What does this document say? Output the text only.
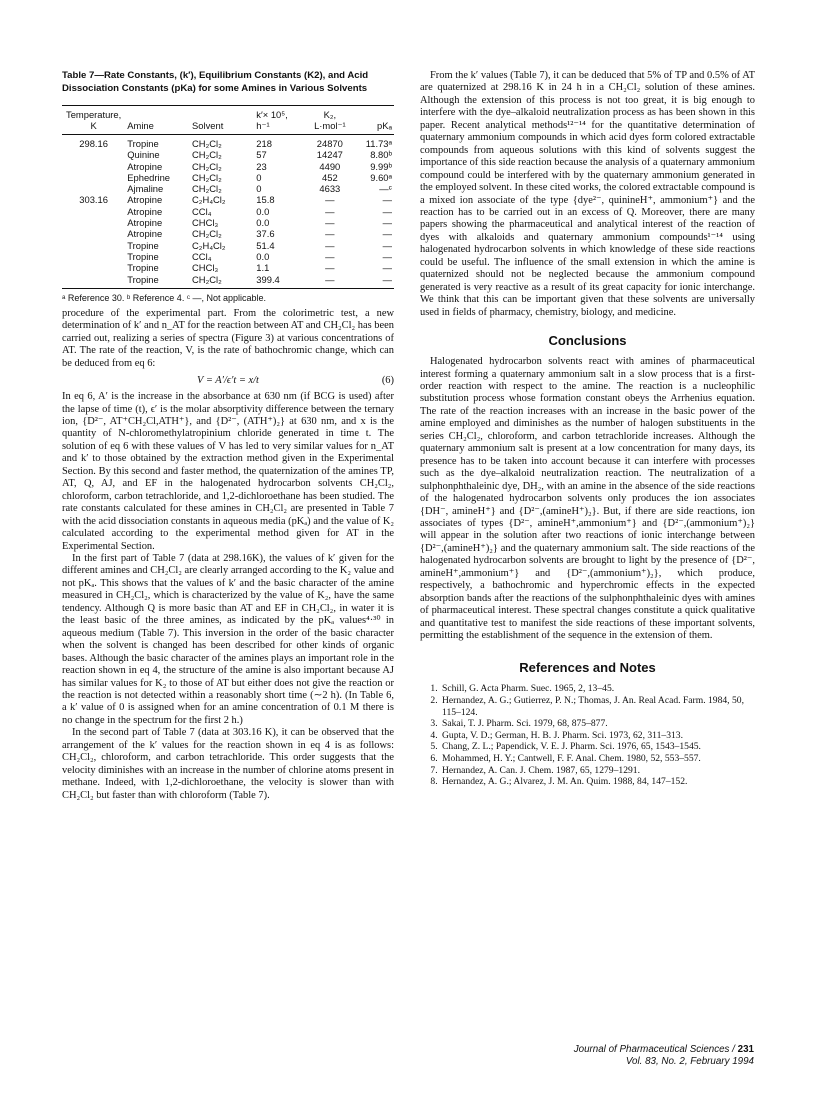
Table 7—Rate Constants, (k′), Equilibrium Constants (K2), and Acid Dissociation Constants (pKa) for some Amines in Various Solvents
Temperature,			k′× 10⁵,	K₂,	
K	Amine	Solvent	h⁻¹	L·mol⁻¹	pKₐ
298.16	Tropine	CH₂Cl₂	218	24870	11.73ᵃ
	Quinine	CH₂Cl₂	57	14247	8.80ᵇ
	Atropine	CH₂Cl₂	23	4490	9.99ᵇ
	Ephedrine	CH₂Cl₂	0	452	9.60ᵃ
	Ajmaline	CH₂Cl₂	0	4633	—ᶜ
303.16	Atropine	C₂H₄Cl₂	15.8	—	—
	Atropine	CCl₄	0.0	—	—
	Atropine	CHCl₃	0.0	—	—
	Atropine	CH₂Cl₂	37.6	—	—
	Tropine	C₂H₄Cl₂	51.4	—	—
	Tropine	CCl₄	0.0	—	—
	Tropine	CHCl₃	1.1	—	—
	Tropine	CH₂Cl₂	399.4	—	—
ᵃ Reference 30. ᵇ Reference 4. ᶜ —, Not applicable.

procedure of the experimental part. From the colorimetric test, a new determination of k′ and n_AT for the reaction between AT and CH₂Cl₂ has been carried out, realizing a series of spectra (Figure 3) at various concentrations of AT. The rate of the reaction, V, is the rate of bathochromic change, which can be deduced from eq 6:

V = A′/ϵ′t = x/t	(6)

In eq 6, A′ is the increase in the absorbance at 630 nm (if BCG is used) after the lapse of time (t), ϵ′ is the molar absorptivity difference between the ternary ion, {D²⁻, AT⁺CH₂Cl,ATH⁺}, and {D²⁻, (ATH⁺)₂} at 630 nm, and x is the quantity of N-chloromethylatropinium chloride generated in time t. The solution of eq 6 with these values of V has led to very similar values for n_AT and k′ to those obtained by the extraction method given in the Experimental Section. By this second and faster method, the quaternization of the amines TP, AT, Q, AJ, and EF in the halogenated hydrocarbon solvents CH₂Cl₂, chloroform, carbon tetrachloride, and 1,2-dichloroethane has been studied. The rate constants calculated for these amines in CH₂Cl₂ are presented in Table 7 with the acid dissociation constants in aqueous media (pKₐ) and the value of K₂ calculated according to the experimental method given for AT in the Experimental Section.

In the first part of Table 7 (data at 298.16K), the values of k′ given for the different amines and CH₂Cl₂ are clearly arranged according to the K₂ value and not pKₐ. This shows that the values of k′ and the basic character of the amine measured in CH₂Cl₂, which is characterized by the value of K₂, have the same tendency. Although Q is more basic than AT and EF in CH₂Cl₂, in water it is the least basic of the three amines, as indicated by the pKₐ values⁴·³⁰ in aqueous medium (Table 7). This inversion in the order of the basic character when the solvent is changed has been described for other kinds of organic bases. Although the basic character of the amines plays an important role in the reaction shown in eq 4, the structure of the amine is also important because AJ has similar values for K₂ to those of AT but either does not give the reaction or the reaction is not detected within a reasonably short time (∼2 h). (In Table 6, a k′ value of 0 is assigned when for an amine concentration of 0.1 M there is no change in the spectrum for the first 2 h.)

In the second part of Table 7 (data at 303.16 K), it can be observed that the arrangement of the k′ values for the reaction shown in eq 4 is as follows: CH₂Cl₂, chloroform, and carbon tetrachloride. This order suggests that the velocity diminishes with an increase in the number of chlorine atoms present in methane. Indeed, with 1,2-dichloroethane, the velocity is slower than with CH₂Cl₂ but faster than with chloroform (Table 7).

From the k′ values (Table 7), it can be deduced that 5% of TP and 0.5% of AT are quaternized at 298.16 K in 24 h in a CH₂Cl₂ solution of these amines. Although the extension of this process is not too great, it is big enough to interfere with the dye–alkaloid neutralization process as has been shown in this paper. Recent analytical methods¹²⁻¹⁴ for the quantitative determination of quaternary ammonium compounds in which acid dyes form colored extractable compounds from aqueous solutions with this kind of solvents suggest the importance of this side reaction because the analysis of a quaternary ammonium compound could be interfered with by the quaternary ammonium generated in the employed solvent. In these cited works, the colored extractable compound is a mixed ion associate of the type {dye²⁻, quinineH⁺, ammonium⁺} and the reaction has to be carried out in an excess of Q. Moreover, there are many papers showing the pharmaceutical and analytical interest of the reaction of dyes with alkaloids and quaternary ammonium compounds¹⁻¹⁴ using halogenated hydrocarbon solvents in which knowledge of these side reactions could be useful. The influence of the small extension in which the amine is quaternized should not be neglected because the ammonium compound generated is very reactive as a result of its great capacity for ionic interchange. We think that this can be important given that these solvents are universally used in fields of pharmacy, chemistry, biology, and medicine.

Conclusions

Halogenated hydrocarbon solvents react with amines of pharmaceutical interest forming a quaternary ammonium salt in a slow process that is a first-order reaction with respect to the amine. The reaction is a nucleophilic substitution process whose formation constant obeys the Arrhenius equation. The rate of the reaction increases with an increase in the basic power of the amine employed and diminishes as the number of halogen substituents in the series CH₂Cl₂, chloroform, and carbon tetrachloride increases. Although the quaternary ammonium salt is present at a low concentration for many days, its presence has to be taken into account because it can interfere with processes such as the dye–alkaloid neutralization reaction. The neutralization of a sulphonphthaleinic dye, DH₂, with an amine in the absence of the side reactions of the halogenated hydrocarbon solvents only produces the ion associates {DH⁻, amineH⁺} and {D²⁻,(amineH⁺)₂}. But, if there are side reactions, ion associates of types {D²⁻, amineH⁺,ammonium⁺} and {D²⁻,(ammonium⁺)₂} will appear in the solution after two reactions of ionic interchange between {D²⁻,(amineH⁺)₂} and the quaternary ammonium salt. The side reactions of the halogenated hydrocarbon solvents are brought to light by the presence of {D²⁻, amineH⁺,ammonium⁺} and {D²⁻,(ammonium⁺)₂}, which produce, respectively, a bathochromic and hyperchromic effects in the expected absorption bands after the reactions of the sulphonphthaleinic dyes with amines of pharmaceutical interest. These spectral changes constitute a quick qualitative and quantitative test to manifest the side reactions of these important solvents, permitting the establishment of the sequence in the extension of them.

References and Notes
1. Schill, G. Acta Pharm. Suec. 1965, 2, 13–45.
2. Hernandez, A. G.; Gutierrez, P. N.; Thomas, J. An. Real Acad. Farm. 1984, 50, 115–124.
3. Sakai, T. J. Pharm. Sci. 1979, 68, 875–877.
4. Gupta, V. D.; German, H. B. J. Pharm. Sci. 1973, 62, 311–313.
5. Chang, Z. L.; Papendick, V. E. J. Pharm. Sci. 1976, 65, 1543–1545.
6. Mohammed, H. Y.; Cantwell, F. F. Anal. Chem. 1980, 52, 553–557.
7. Hernandez, A. Can. J. Chem. 1987, 65, 1279–1291.
8. Hernandez, A. G.; Alvarez, J. M. An. Quim. 1988, 84, 147–152.
Journal of Pharmaceutical Sciences / 231
Vol. 83, No. 2, February 1994
